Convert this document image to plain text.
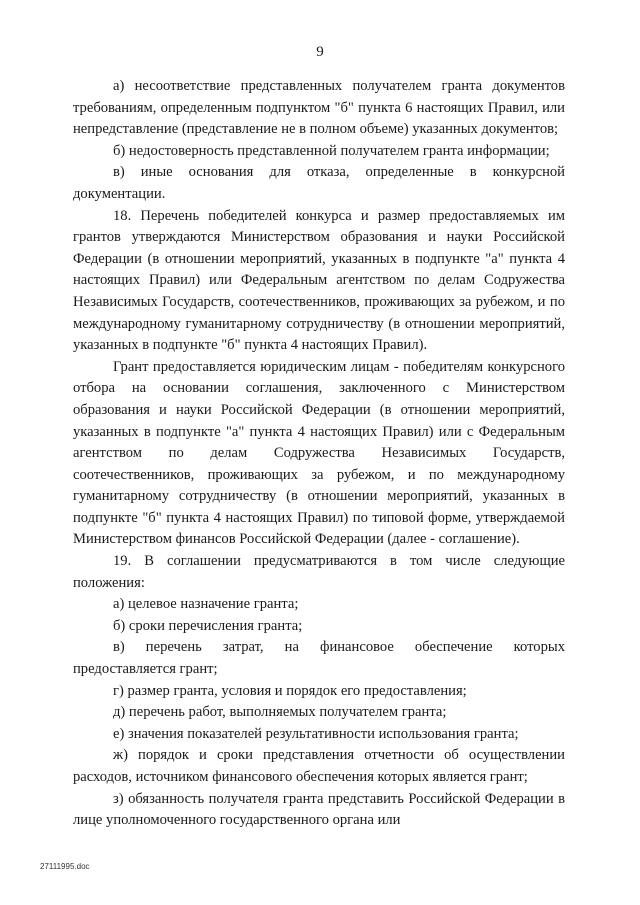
9

а) несоответствие представленных получателем гранта документов требованиям, определенным подпунктом "б" пункта 6 настоящих Правил, или непредставление (представление не в полном объеме) указанных документов;

б) недостоверность представленной получателем гранта информации;

в) иные основания для отказа, определенные в конкурсной документации.

18. Перечень победителей конкурса и размер предоставляемых им грантов утверждаются Министерством образования и науки Российской Федерации (в отношении мероприятий, указанных в подпункте "а" пункта 4 настоящих Правил) или Федеральным агентством по делам Содружества Независимых Государств, соотечественников, проживающих за рубежом, и по международному гуманитарному сотрудничеству (в отношении мероприятий, указанных в подпункте "б" пункта 4 настоящих Правил).

Грант предоставляется юридическим лицам - победителям конкурсного отбора на основании соглашения, заключенного с Министерством образования и науки Российской Федерации (в отношении мероприятий, указанных в подпункте "а" пункта 4 настоящих Правил) или с Федеральным агентством по делам Содружества Независимых Государств, соотечественников, проживающих за рубежом, и по международному гуманитарному сотрудничеству (в отношении мероприятий, указанных в подпункте "б" пункта 4 настоящих Правил) по типовой форме, утверждаемой Министерством финансов Российской Федерации (далее - соглашение).

19. В соглашении предусматриваются в том числе следующие положения:

а) целевое назначение гранта;

б) сроки перечисления гранта;

в) перечень затрат, на финансовое обеспечение которых предоставляется грант;

г) размер гранта, условия и порядок его предоставления;

д) перечень работ, выполняемых получателем гранта;

е) значения показателей результативности использования гранта;

ж) порядок и сроки представления отчетности об осуществлении расходов, источником финансового обеспечения которых является грант;

з) обязанность получателя гранта представить Российской Федерации в лице уполномоченного государственного органа или

27111995.doc
